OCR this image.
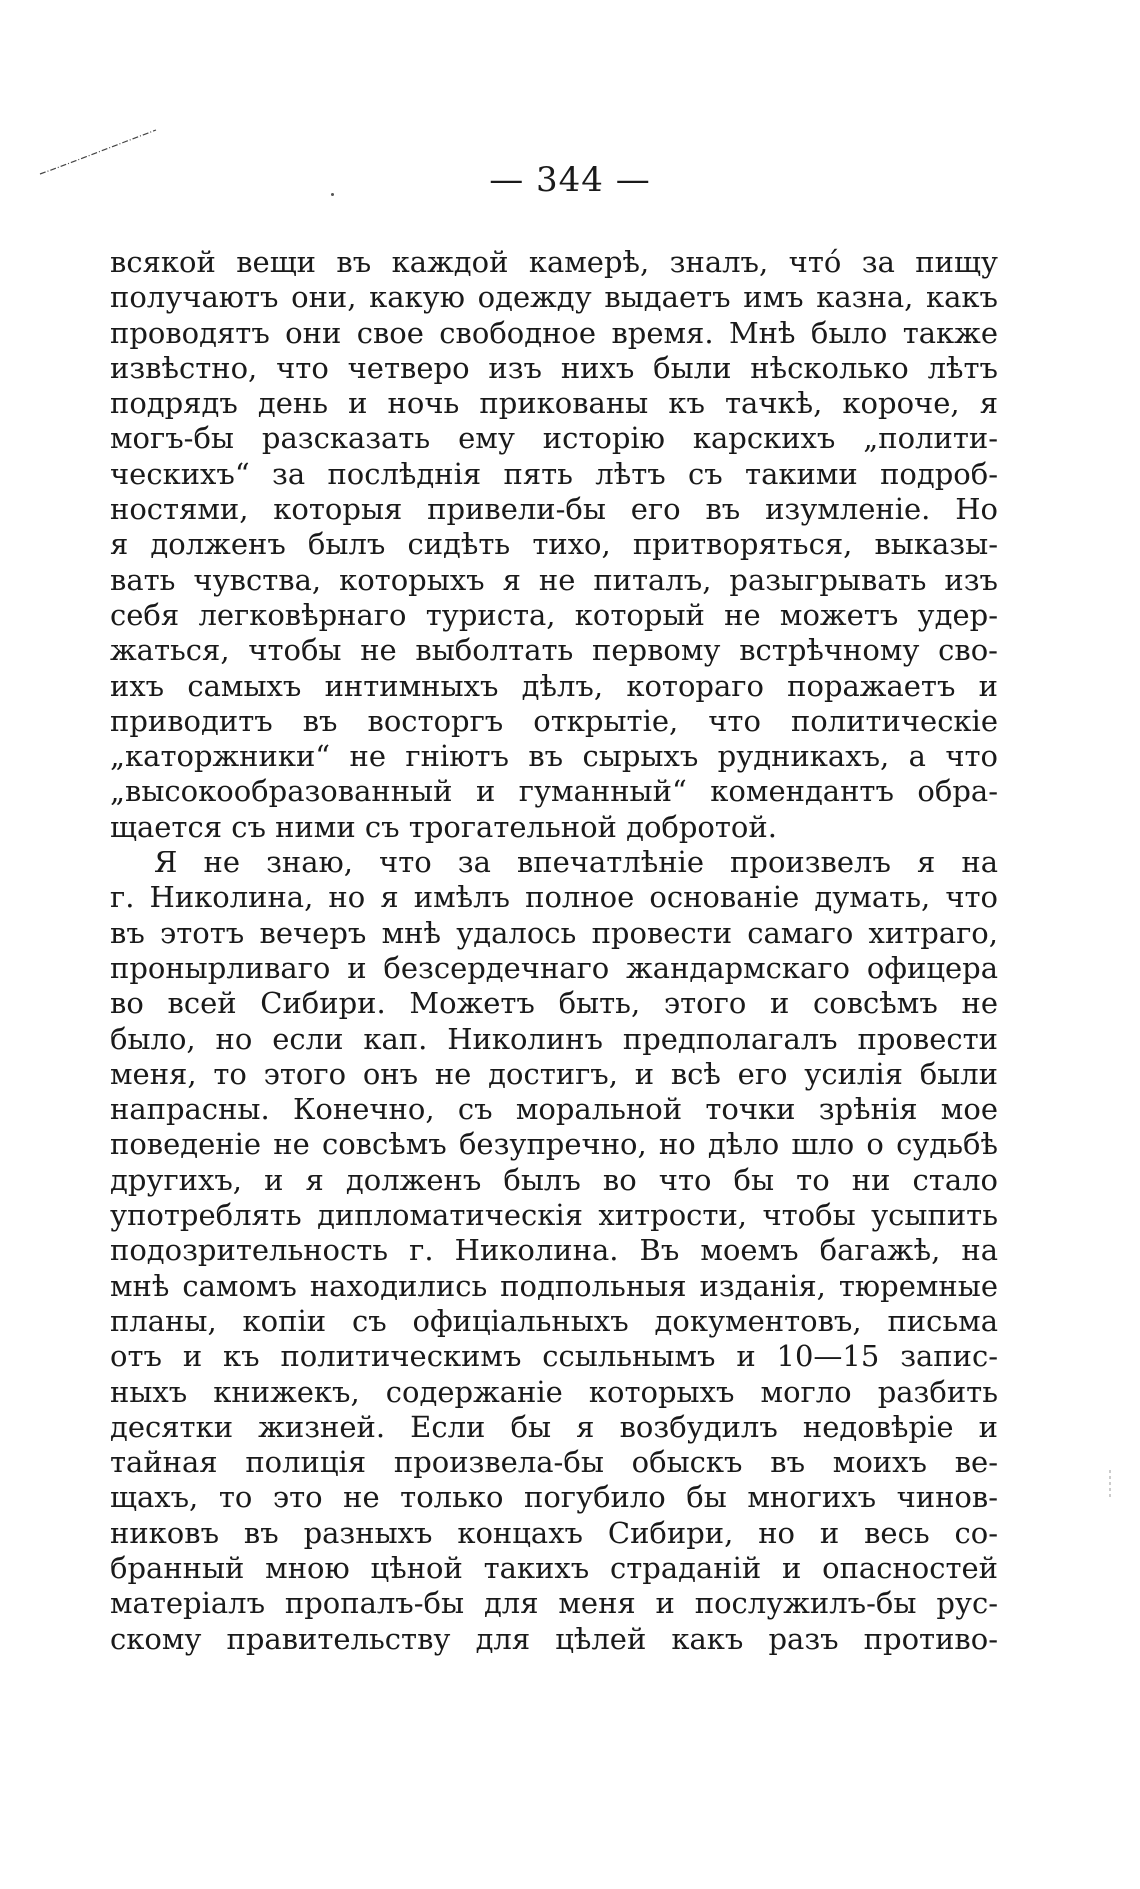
— 344 —
всякой вещи въ каждой камерѣ, зналъ, что́ за пищу
получаютъ они, какую одежду выдаетъ имъ казна, какъ
проводятъ они свое свободное время. Мнѣ было также
извѣстно, что четверо изъ нихъ были нѣсколько лѣтъ
подрядъ день и ночь прикованы къ тачкѣ, короче, я
могъ-бы разсказать ему исторію карскихъ „полити-
ческихъ“ за послѣднія пять лѣтъ съ такими подроб-
ностями, которыя привели-бы его въ изумленіе. Но
я долженъ былъ сидѣть тихо, притворяться, выказы-
вать чувства, которыхъ я не питалъ, разыгрывать изъ
себя легковѣрнаго туриста, который не можетъ удер-
жаться, чтобы не выболтать первому встрѣчному сво-
ихъ самыхъ интимныхъ дѣлъ, котораго поражаетъ и
приводитъ въ восторгъ открытіе, что политическіе
„каторжники“ не гніютъ въ сырыхъ рудникахъ, а что
„высокообразованный и гуманный“ комендантъ обра-
щается съ ними съ трогательной добротой.
Я не знаю, что за впечатлѣніе произвелъ я на
г. Николина, но я имѣлъ полное основаніе думать, что
въ этотъ вечеръ мнѣ удалось провести самаго хитраго,
пронырливаго и безсердечнаго жандармскаго офицера
во всей Сибири. Можетъ быть, этого и совсѣмъ не
было, но если кап. Николинъ предполагалъ провести
меня, то этого онъ не достигъ, и всѣ его усилія были
напрасны. Конечно, съ моральной точки зрѣнія мое
поведеніе не совсѣмъ безупречно, но дѣло шло о судьбѣ
другихъ, и я долженъ былъ во что бы то ни стало
употреблять дипломатическія хитрости, чтобы усыпить
подозрительность г. Николина. Въ моемъ багажѣ, на
мнѣ самомъ находились подпольныя изданія, тюремные
планы, копіи съ офиціальныхъ документовъ, письма
отъ и къ политическимъ ссыльнымъ и 10—15 запис-
ныхъ книжекъ, содержаніе которыхъ могло разбить
десятки жизней. Если бы я возбудилъ недовѣріе и
тайная полиція произвела-бы обыскъ въ моихъ ве-
щахъ, то это не только погубило бы многихъ чинов-
никовъ въ разныхъ концахъ Сибири, но и весь со-
бранный мною цѣной такихъ страданій и опасностей
матеріалъ пропалъ-бы для меня и послужилъ-бы рус-
скому правительству для цѣлей какъ разъ противо-
